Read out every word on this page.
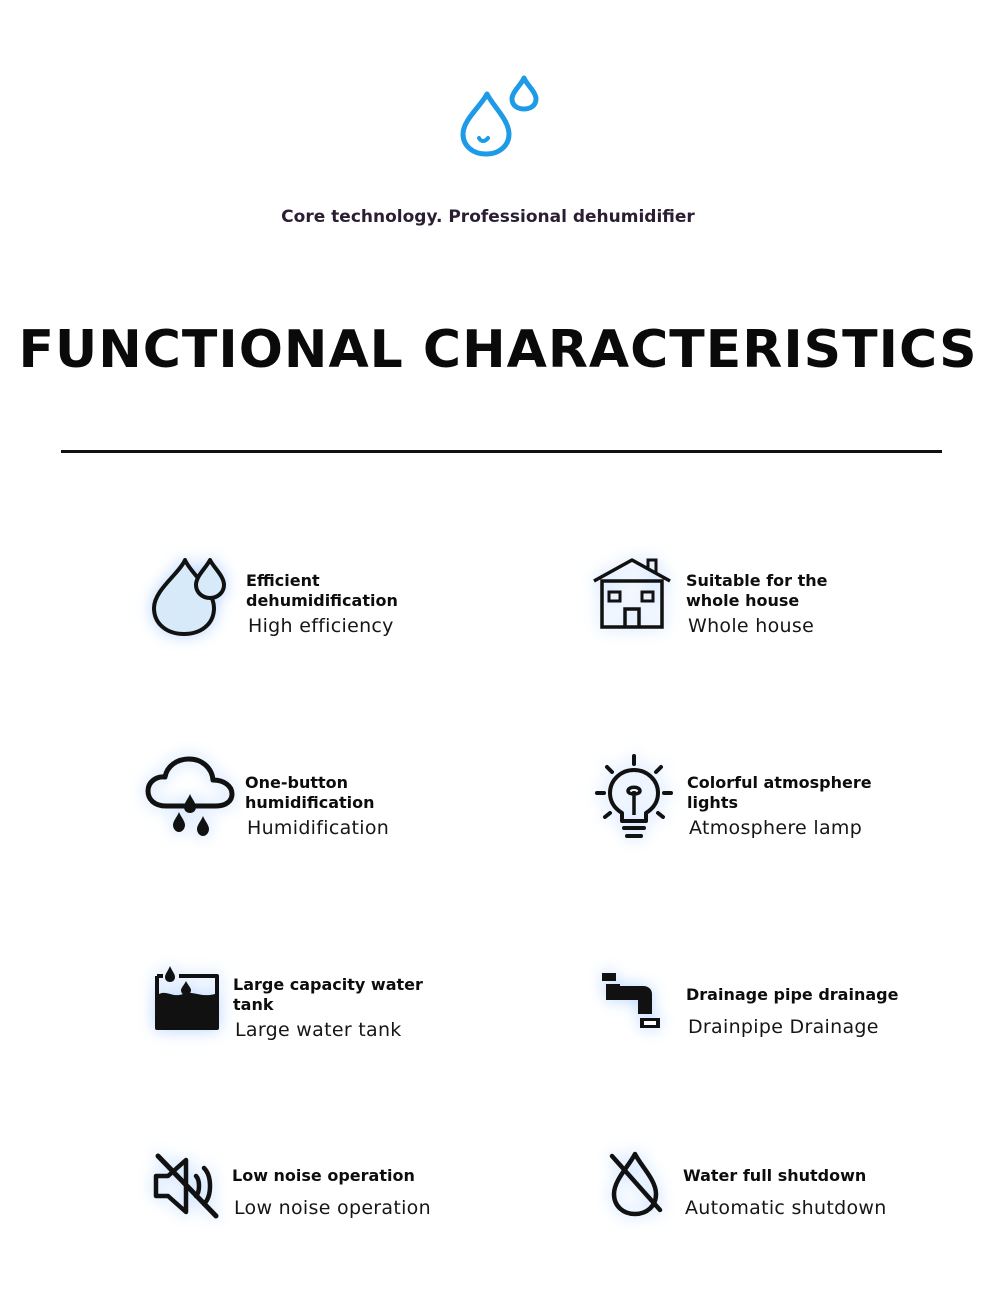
Core technology. Professional dehumidifier
FUNCTIONAL CHARACTERISTICS

Efficient dehumidification

High efficiency

Suitable for the whole house

Whole house

One-button humidification

Humidification

Colorful atmosphere lights

Atmosphere lamp

Large capacity water tank

Large water tank

Drainage pipe drainage

Drainpipe Drainage

Low noise operation

Low noise operation

Water full shutdown

Automatic shutdown
